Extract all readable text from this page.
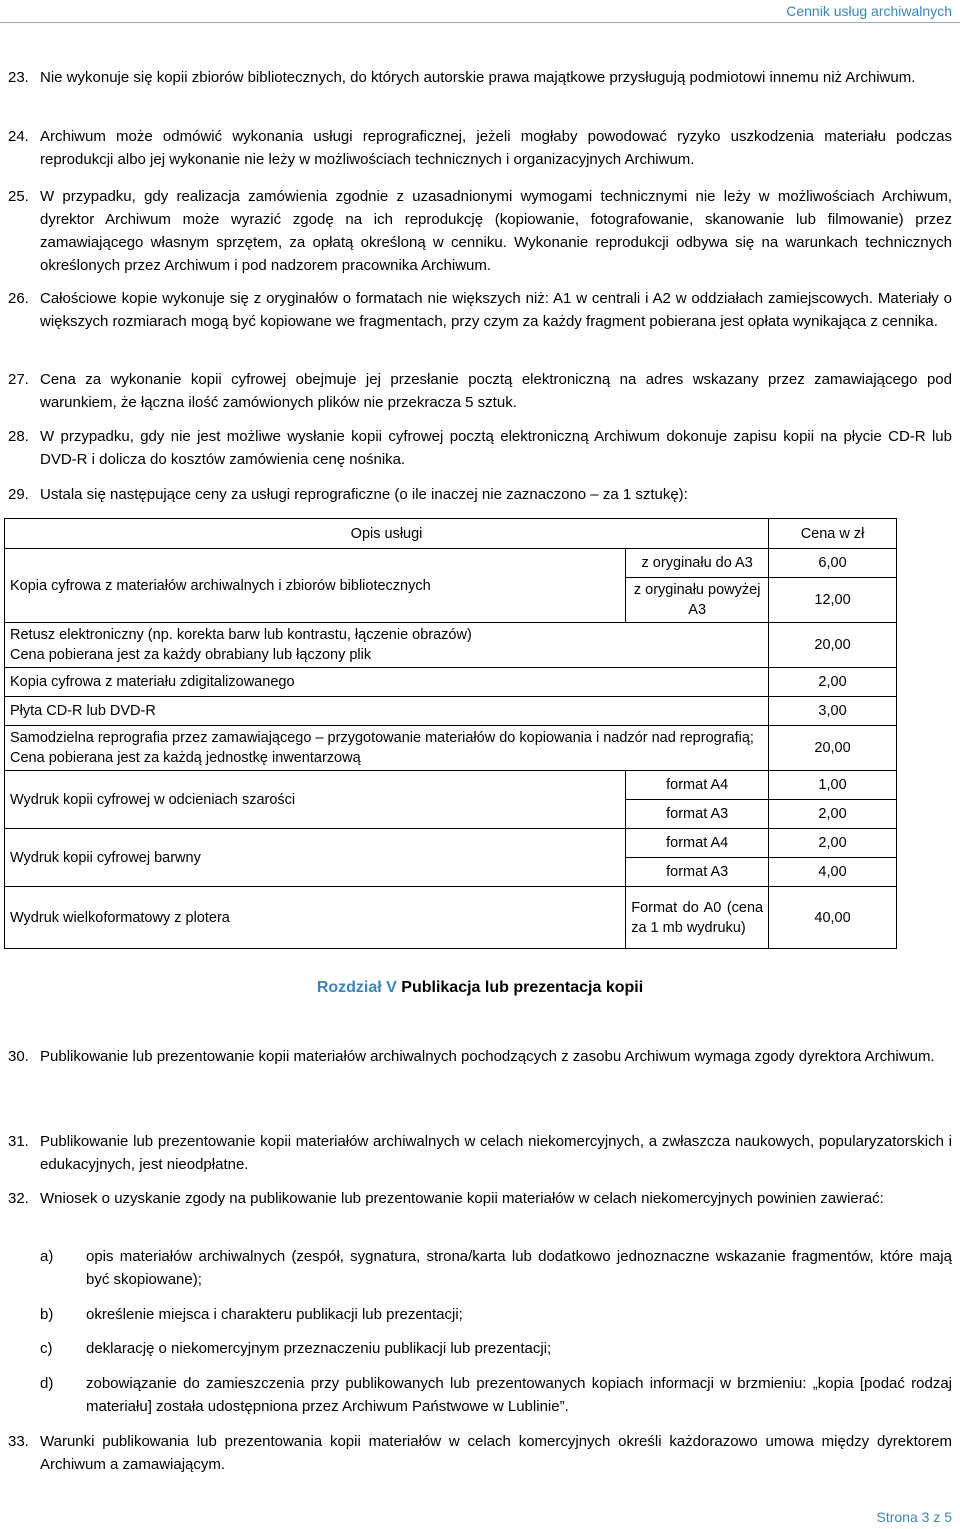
Cennik usług archiwalnych
23. Nie wykonuje się kopii zbiorów bibliotecznych, do których autorskie prawa majątkowe przysługują podmiotowi innemu niż Archiwum.
24. Archiwum może odmówić wykonania usługi reprograficznej, jeżeli mogłaby powodować ryzyko uszkodzenia materiału podczas reprodukcji albo jej wykonanie nie leży w możliwościach technicznych i organizacyjnych Archiwum.
25. W przypadku, gdy realizacja zamówienia zgodnie z uzasadnionymi wymogami technicznymi nie leży w możliwościach Archiwum, dyrektor Archiwum może wyrazić zgodę na ich reprodukcję (kopiowanie, fotografowanie, skanowanie lub filmowanie) przez zamawiającego własnym sprzętem, za opłatą określoną w cenniku. Wykonanie reprodukcji odbywa się na warunkach technicznych określonych przez Archiwum i pod nadzorem pracownika Archiwum.
26. Całościowe kopie wykonuje się z oryginałów o formatach nie większych niż: A1 w centrali i A2 w oddziałach zamiejscowych. Materiały o większych rozmiarach mogą być kopiowane we fragmentach, przy czym za każdy fragment pobierana jest opłata wynikająca z cennika.
27. Cena za wykonanie kopii cyfrowej obejmuje jej przesłanie pocztą elektroniczną na adres wskazany przez zamawiającego pod warunkiem, że łączna ilość zamówionych plików nie przekracza 5 sztuk.
28. W przypadku, gdy nie jest możliwe wysłanie kopii cyfrowej pocztą elektroniczną Archiwum dokonuje zapisu kopii na płycie CD-R lub DVD-R i dolicza do kosztów zamówienia cenę nośnika.
29. Ustala się następujące ceny za usługi reprograficzne (o ile inaczej nie zaznaczono – za 1 sztukę):
Opis usługi		Cena w zł
Kopia cyfrowa z materiałów archiwalnych i zbiorów bibliotecznych	z oryginału do A3	6,00
	z oryginału powyżej A3	12,00

Retusz elektroniczny (np. korekta barw lub kontrastu, łączenie obrazów)
Cena pobierana jest za każdy obrabiany lub łączony plik		20,00
Kopia cyfrowa z materiału zdigitalizowanego		2,00
Płyta CD-R lub DVD-R		3,00

Samodzielna reprografia przez zamawiającego – przygotowanie materiałów do kopiowania i nadzór nad reprografią;
Cena pobierana jest za każdą jednostkę inwentarzową		20,00
Wydruk kopii cyfrowej w odcieniach szarości	format A4	1,00
	format A3	2,00
Wydruk kopii cyfrowej barwny	format A4	2,00
	format A3	4,00
Wydruk wielkoformatowy z plotera	Format do A0 (cena za 1 mb wydruku)	40,00
Rozdział V Publikacja lub prezentacja kopii
30. Publikowanie lub prezentowanie kopii materiałów archiwalnych pochodzących z zasobu Archiwum wymaga zgody dyrektora Archiwum.
31. Publikowanie lub prezentowanie kopii materiałów archiwalnych w celach niekomercyjnych, a zwłaszcza naukowych, popularyzatorskich i edukacyjnych, jest nieodpłatne.
32. Wniosek o uzyskanie zgody na publikowanie lub prezentowanie kopii materiałów w celach niekomercyjnych powinien zawierać:
a) opis materiałów archiwalnych (zespół, sygnatura, strona/karta lub dodatkowo jednoznaczne wskazanie fragmentów, które mają być skopiowane);
b) określenie miejsca i charakteru publikacji lub prezentacji;
c) deklarację o niekomercyjnym przeznaczeniu publikacji lub prezentacji;
d) zobowiązanie do zamieszczenia przy publikowanych lub prezentowanych kopiach informacji w brzmieniu: „kopia [podać rodzaj materiału] została udostępniona przez Archiwum Państwowe w Lublinie”.
33. Warunki publikowania lub prezentowania kopii materiałów w celach komercyjnych określi każdorazowo umowa między dyrektorem Archiwum a zamawiającym.
Strona 3 z 5
